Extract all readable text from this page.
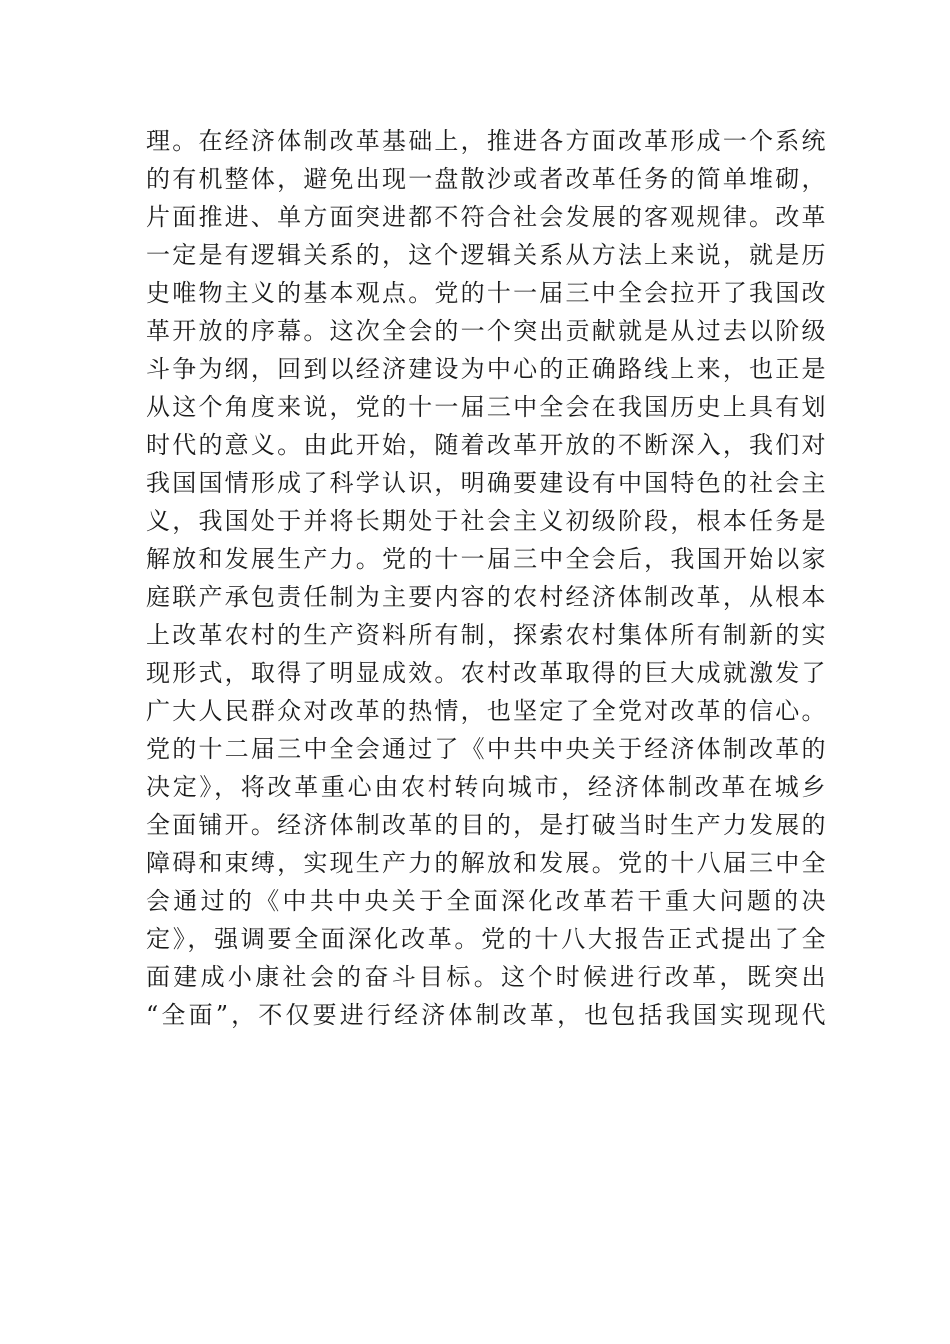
理。在经济体制改革基础上，推进各方面改革形成一个系统
的有机整体，避免出现一盘散沙或者改革任务的简单堆砌，
片面推进、单方面突进都不符合社会发展的客观规律。改革
一定是有逻辑关系的，这个逻辑关系从方法上来说，就是历
史唯物主义的基本观点。党的十一届三中全会拉开了我国改
革开放的序幕。这次全会的一个突出贡献就是从过去以阶级
斗争为纲，回到以经济建设为中心的正确路线上来，也正是
从这个角度来说，党的十一届三中全会在我国历史上具有划
时代的意义。由此开始，随着改革开放的不断深入，我们对
我国国情形成了科学认识，明确要建设有中国特色的社会主
义，我国处于并将长期处于社会主义初级阶段，根本任务是
解放和发展生产力。党的十一届三中全会后，我国开始以家
庭联产承包责任制为主要内容的农村经济体制改革，从根本
上改革农村的生产资料所有制，探索农村集体所有制新的实
现形式，取得了明显成效。农村改革取得的巨大成就激发了
广大人民群众对改革的热情，也坚定了全党对改革的信心。
党的十二届三中全会通过了《中共中央关于经济体制改革的
决定》，将改革重心由农村转向城市，经济体制改革在城乡
全面铺开。经济体制改革的目的，是打破当时生产力发展的
障碍和束缚，实现生产力的解放和发展。党的十八届三中全
会通过的《中共中央关于全面深化改革若干重大问题的决
定》，强调要全面深化改革。党的十八大报告正式提出了全
面建成小康社会的奋斗目标。这个时候进行改革，既突出
“全面”，不仅要进行经济体制改革，也包括我国实现现代
